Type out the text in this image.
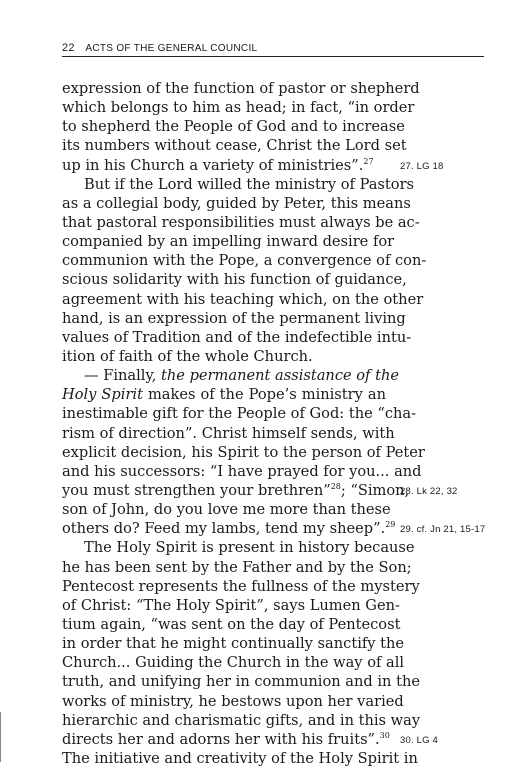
22 ACTS OF THE GENERAL COUNCIL
expression of the function of pastor or shepherd
which belongs to him as head; in fact, “in order
to shepherd the People of God and to increase
its numbers without cease, Christ the Lord set
up in his Church a variety of ministries”.$^{27}$
But if the Lord willed the ministry of Pastors
as a collegial body, guided by Peter, this means
that pastoral responsibilities must always be ac-
companied by an impelling inward desire for
communion with the Pope, a convergence of con-
scious solidarity with his function of guidance,
agreement with his teaching which, on the other
hand, is an expression of the permanent living
values of Tradition and of the indefectible intu-
ition of faith of the whole Church.
— Finally, the permanent assistance of the
Holy Spirit makes of the Pope’s ministry an
inestimable gift for the People of God: the “cha-
rism of direction”. Christ himself sends, with
explicit decision, his Spirit to the person of Peter
and his successors: “I have prayed for you... and
you must strengthen your brethren”$^{28}$; “Simon,
son of John, do you love me more than these
others do? Feed my lambs, tend my sheep”.$^{29}$
The Holy Spirit is present in history because
he has been sent by the Father and by the Son;
Pentecost represents the fullness of the mystery
of Christ: “The Holy Spirit”, says Lumen Gen-
tium again, “was sent on the day of Pentecost
in order that he might continually sanctify the
Church... Guiding the Church in the way of all
truth, and unifying her in communion and in the
works of ministry, he bestows upon her varied
hierarchic and charismatic gifts, and in this way
directs her and adorns her with his fruits”.$^{30}$
The initiative and creativity of the Holy Spirit in
27. LG 18
28. Lk 22, 32
29. cf. Jn 21, 15-17
30. LG 4
